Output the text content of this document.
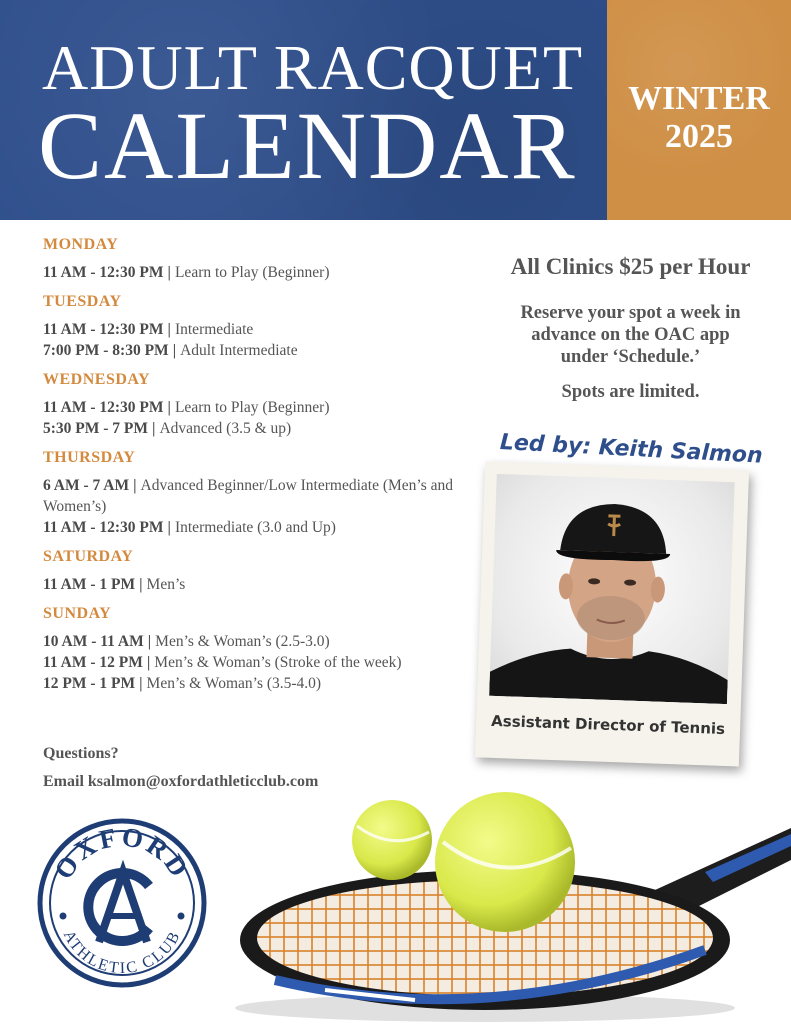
ADULT RACQUET
CALENDAR	WINTER
2025
MONDAY
11 AM - 12:30 PM | Learn to Play (Beginner)
TUESDAY
11 AM - 12:30 PM | Intermediate
7:00 PM - 8:30 PM | Adult Intermediate
WEDNESDAY
11 AM - 12:30 PM | Learn to Play (Beginner)
5:30 PM - 7 PM | Advanced (3.5 & up)
THURSDAY
6 AM - 7 AM | Advanced Beginner/Low Intermediate (Men’s and Women’s)
11 AM - 12:30 PM | Intermediate (3.0 and Up)
SATURDAY
11 AM - 1 PM | Men’s
SUNDAY
10 AM - 11 AM | Men’s & Woman’s (2.5-3.0)
11 AM - 12 PM | Men’s & Woman’s (Stroke of the week)
12 PM - 1 PM | Men’s & Woman’s (3.5-4.0)
Questions?
Email ksalmon@oxfordathleticclub.com
All Clinics $25 per Hour
Reserve your spot a week in
advance on the OAC app
under ‘Schedule.’
Spots are limited.
Led by: Keith Salmon
Assistant Director of Tennis
OXFORD
ATHLETIC CLUB
